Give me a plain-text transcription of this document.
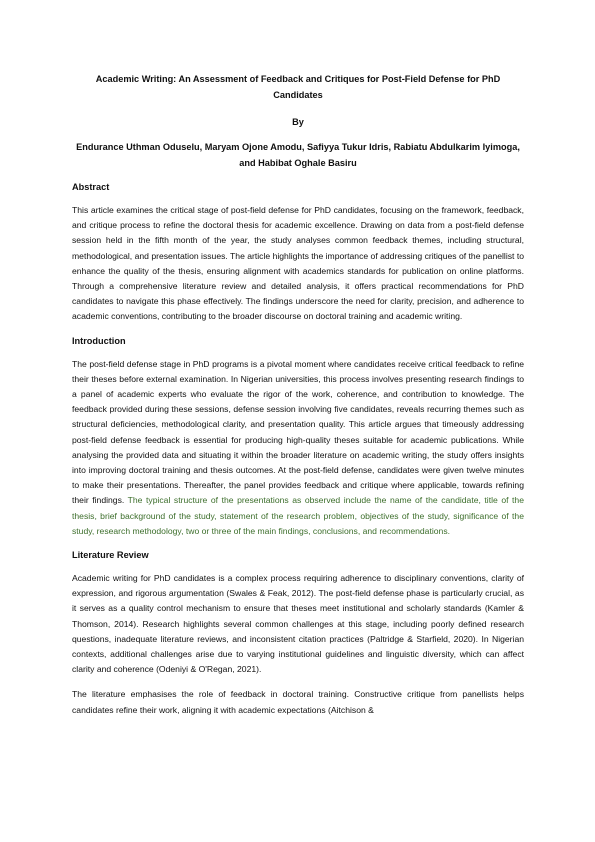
Academic Writing: An Assessment of Feedback and Critiques for Post-Field Defense for PhD Candidates

By

Endurance Uthman Oduselu, Maryam Ojone Amodu, Safiyya Tukur Idris, Rabiatu Abdulkarim Iyimoga, and Habibat Oghale Basiru

Abstract

This article examines the critical stage of post-field defense for PhD candidates, focusing on the framework, feedback, and critique process to refine the doctoral thesis for academic excellence. Drawing on data from a post-field defense session held in the fifth month of the year, the study analyses common feedback themes, including structural, methodological, and presentation issues. The article highlights the importance of addressing critiques of the panellist to enhance the quality of the thesis, ensuring alignment with academics standards for publication on online platforms. Through a comprehensive literature review and detailed analysis, it offers practical recommendations for PhD candidates to navigate this phase effectively. The findings underscore the need for clarity, precision, and adherence to academic conventions, contributing to the broader discourse on doctoral training and academic writing.

Introduction

The post-field defense stage in PhD programs is a pivotal moment where candidates receive critical feedback to refine their theses before external examination. In Nigerian universities, this process involves presenting research findings to a panel of academic experts who evaluate the rigor of the work, coherence, and contribution to knowledge. The feedback provided during these sessions, defense session involving five candidates, reveals recurring themes such as structural deficiencies, methodological clarity, and presentation quality. This article argues that timeously addressing post-field defense feedback is essential for producing high-quality theses suitable for academic publications. While analysing the provided data and situating it within the broader literature on academic writing, the study offers insights into improving doctoral training and thesis outcomes. At the post-field defense, candidates were given twelve minutes to make their presentations. Thereafter, the panel provides feedback and critique where applicable, towards refining their findings. The typical structure of the presentations as observed include the name of the candidate, title of the thesis, brief background of the study, statement of the research problem, objectives of the study, significance of the study, research methodology, two or three of the main findings, conclusions, and recommendations.

Literature Review

Academic writing for PhD candidates is a complex process requiring adherence to disciplinary conventions, clarity of expression, and rigorous argumentation (Swales & Feak, 2012). The post-field defense phase is particularly crucial, as it serves as a quality control mechanism to ensure that theses meet institutional and scholarly standards (Kamler & Thomson, 2014). Research highlights several common challenges at this stage, including poorly defined research questions, inadequate literature reviews, and inconsistent citation practices (Paltridge & Starfield, 2020). In Nigerian contexts, additional challenges arise due to varying institutional guidelines and linguistic diversity, which can affect clarity and coherence (Odeniyi & O'Regan, 2021).

The literature emphasises the role of feedback in doctoral training. Constructive critique from panellists helps candidates refine their work, aligning it with academic expectations (Aitchison &
